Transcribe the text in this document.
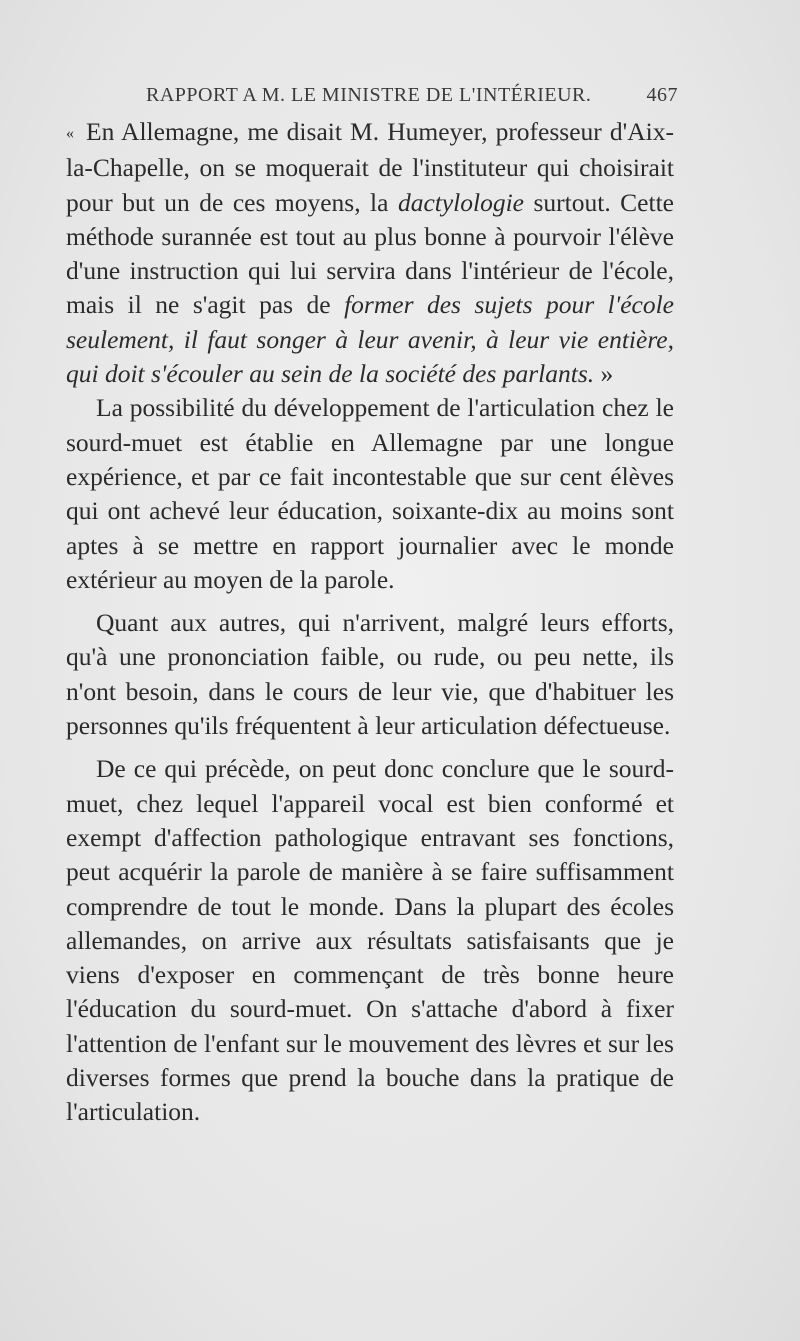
RAPPORT A M. LE MINISTRE DE L'INTÉRIEUR.	467

« En Allemagne, me disait M. Humeyer, professeur d'Aix-la-Chapelle, on se moquerait de l'instituteur qui choisirait pour but un de ces moyens, la dactylologie surtout. Cette méthode surannée est tout au plus bonne à pourvoir l'élève d'une instruction qui lui servira dans l'intérieur de l'école, mais il ne s'agit pas de former des sujets pour l'école seulement, il faut songer à leur avenir, à leur vie entière, qui doit s'écouler au sein de la société des parlants. »

La possibilité du développement de l'articulation chez le sourd-muet est établie en Allemagne par une longue expérience, et par ce fait incontestable que sur cent élèves qui ont achevé leur éducation, soixante-dix au moins sont aptes à se mettre en rapport journalier avec le monde extérieur au moyen de la parole.

Quant aux autres, qui n'arrivent, malgré leurs efforts, qu'à une prononciation faible, ou rude, ou peu nette, ils n'ont besoin, dans le cours de leur vie, que d'habituer les personnes qu'ils fréquentent à leur articulation défectueuse.

De ce qui précède, on peut donc conclure que le sourd-muet, chez lequel l'appareil vocal est bien conformé et exempt d'affection pathologique entravant ses fonctions, peut acquérir la parole de manière à se faire suffisamment comprendre de tout le monde. Dans la plupart des écoles allemandes, on arrive aux résultats satisfaisants que je viens d'exposer en commençant de très bonne heure l'éducation du sourd-muet. On s'attache d'abord à fixer l'attention de l'enfant sur le mouvement des lèvres et sur les diverses formes que prend la bouche dans la pratique de l'articulation.
